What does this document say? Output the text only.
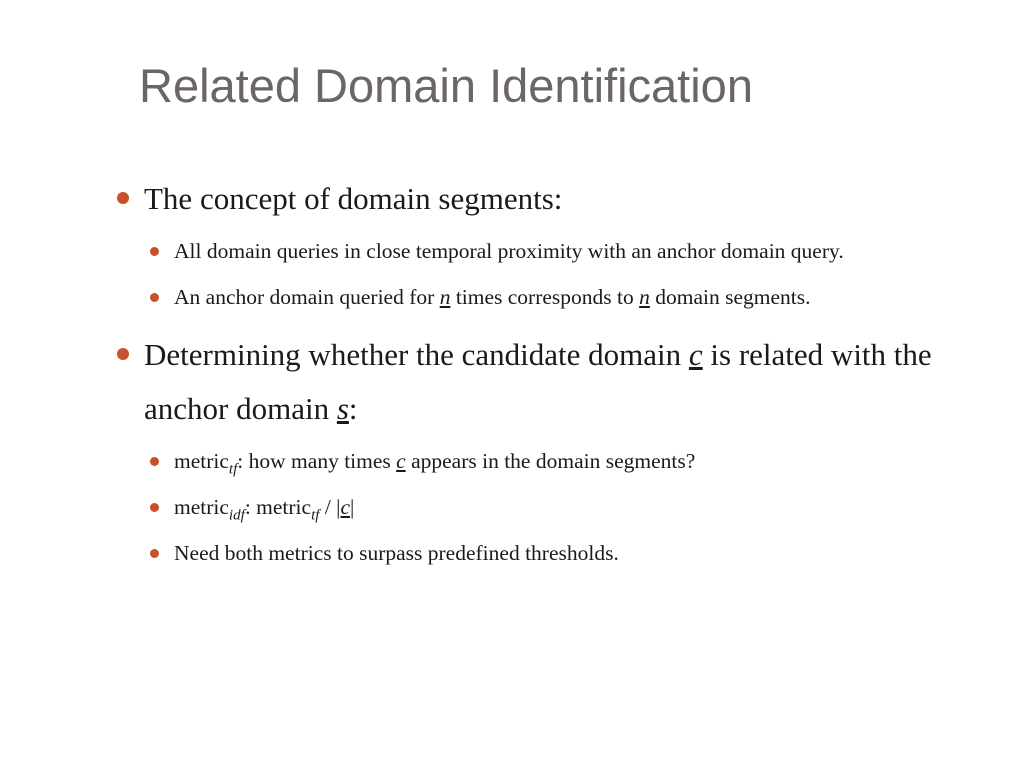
Related Domain Identification
The concept of domain segments:
All domain queries in close temporal proximity with an anchor domain query.
An anchor domain queried for n times corresponds to n domain segments.
Determining whether the candidate domain c is related with the anchor domain s:
metric$_{tf}$: how many times c appears in the domain segments?
metric$_{idf}$: metric$_{tf}$ / |c|
Need both metrics to surpass predefined thresholds.
